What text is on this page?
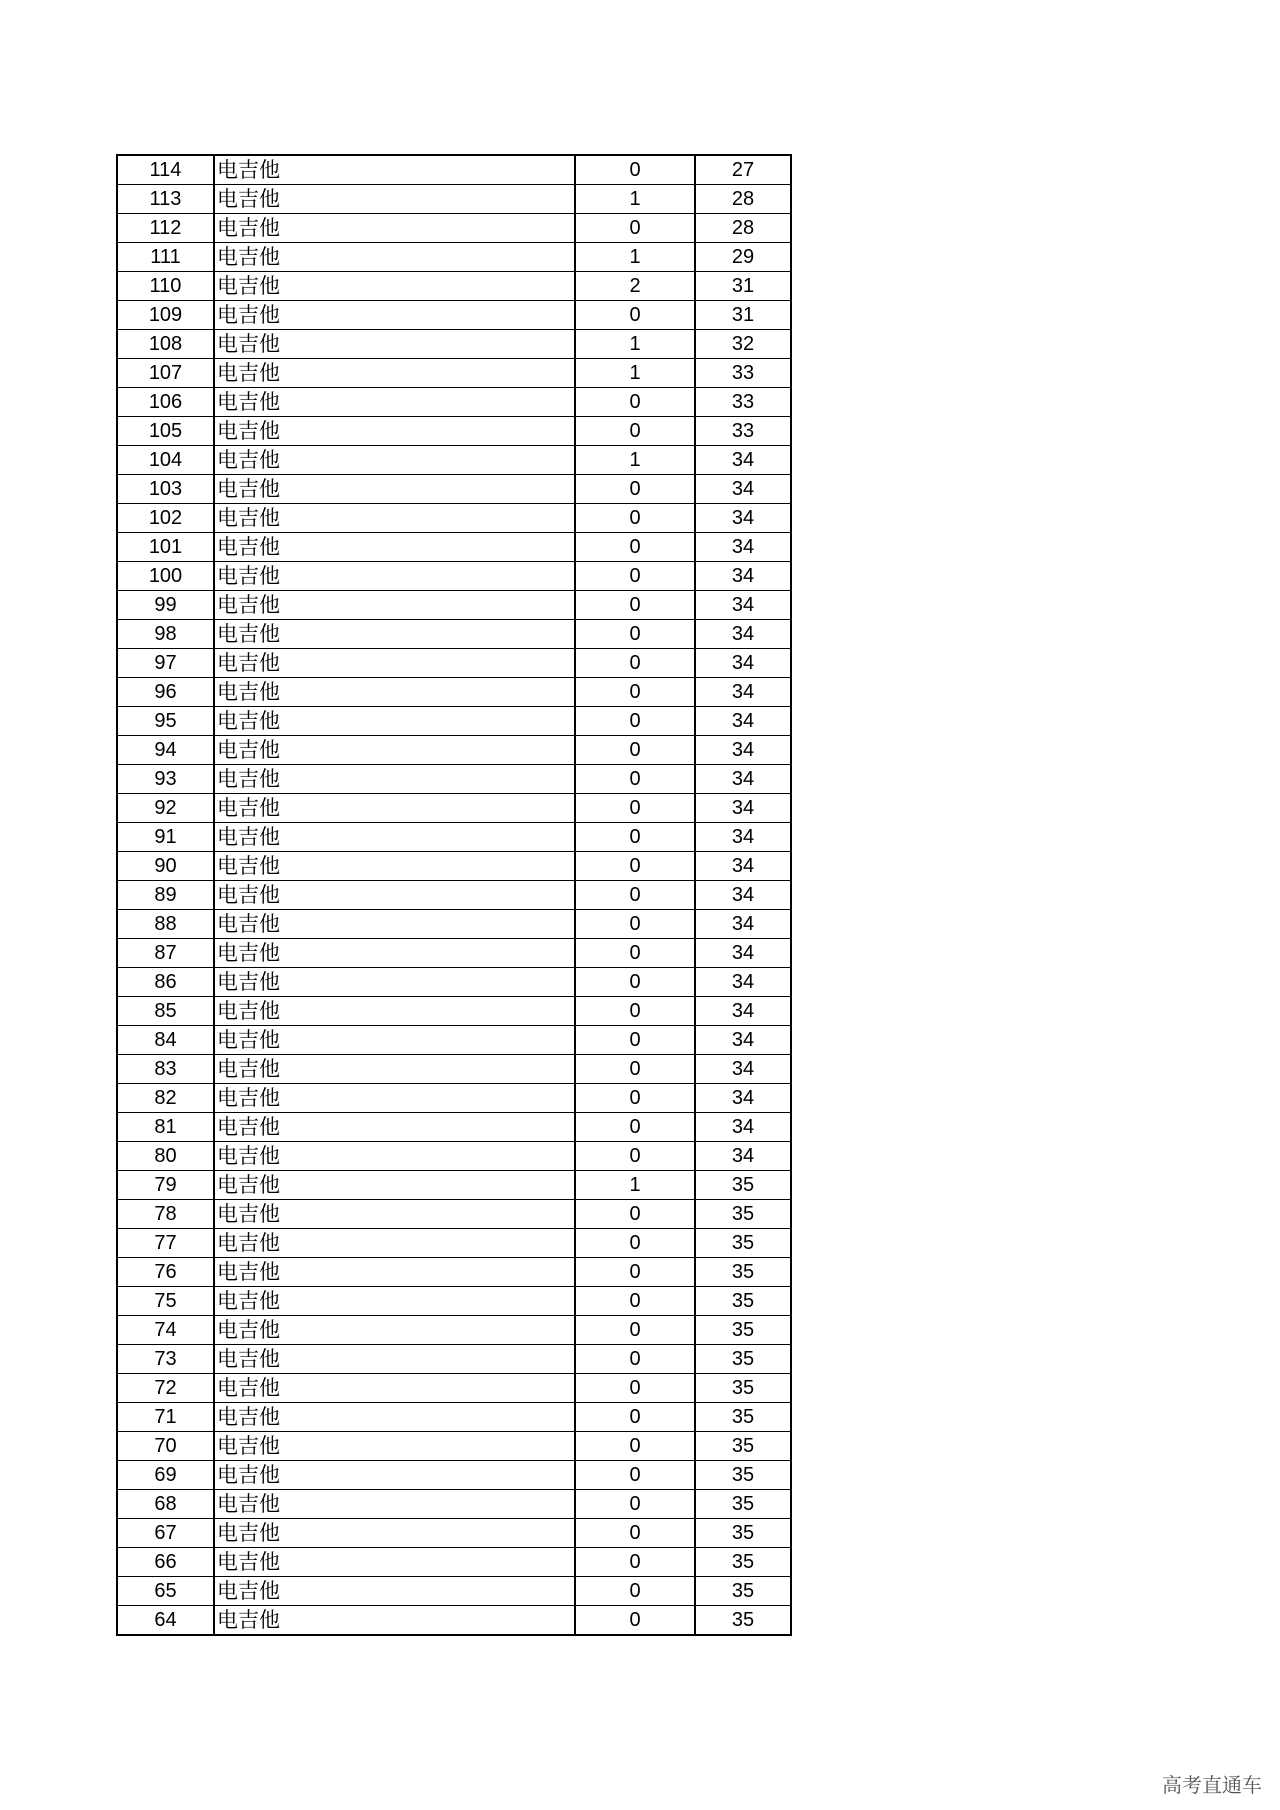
114	电吉他	0	27
113	电吉他	1	28
112	电吉他	0	28
111	电吉他	1	29
110	电吉他	2	31
109	电吉他	0	31
108	电吉他	1	32
107	电吉他	1	33
106	电吉他	0	33
105	电吉他	0	33
104	电吉他	1	34
103	电吉他	0	34
102	电吉他	0	34
101	电吉他	0	34
100	电吉他	0	34
99	电吉他	0	34
98	电吉他	0	34
97	电吉他	0	34
96	电吉他	0	34
95	电吉他	0	34
94	电吉他	0	34
93	电吉他	0	34
92	电吉他	0	34
91	电吉他	0	34
90	电吉他	0	34
89	电吉他	0	34
88	电吉他	0	34
87	电吉他	0	34
86	电吉他	0	34
85	电吉他	0	34
84	电吉他	0	34
83	电吉他	0	34
82	电吉他	0	34
81	电吉他	0	34
80	电吉他	0	34
79	电吉他	1	35
78	电吉他	0	35
77	电吉他	0	35
76	电吉他	0	35
75	电吉他	0	35
74	电吉他	0	35
73	电吉他	0	35
72	电吉他	0	35
71	电吉他	0	35
70	电吉他	0	35
69	电吉他	0	35
68	电吉他	0	35
67	电吉他	0	35
66	电吉他	0	35
65	电吉他	0	35
64	电吉他	0	35
高考直通车
